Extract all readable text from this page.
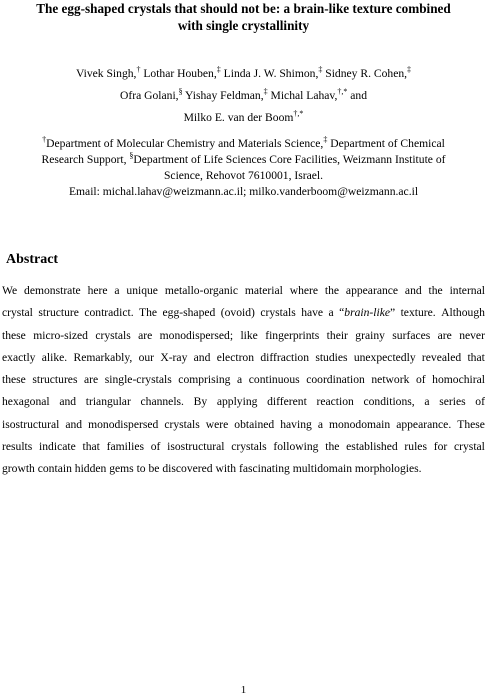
The egg-shaped crystals that should not be: a brain-like texture combined
with single crystallinity
Vivek Singh,† Lothar Houben,‡ Linda J. W. Shimon,‡ Sidney R. Cohen,‡
Ofra Golani,§ Yishay Feldman,‡ Michal Lahav,†,* and
Milko E. van der Boom†,*
†Department of Molecular Chemistry and Materials Science,‡ Department of Chemical
Research Support, §Department of Life Sciences Core Facilities, Weizmann Institute of
Science, Rehovot 7610001, Israel.
Email: michal.lahav@weizmann.ac.il; milko.vanderboom@weizmann.ac.il
Abstract
We demonstrate here a unique metallo-organic material where the appearance and the internal
crystal structure contradict. The egg-shaped (ovoid) crystals have a “brain-like” texture. Although
these micro-sized crystals are monodispersed; like fingerprints their grainy surfaces are never
exactly alike. Remarkably, our X-ray and electron diffraction studies unexpectedly revealed that
these structures are single-crystals comprising a continuous coordination network of homochiral
hexagonal and triangular channels. By applying different reaction conditions, a series of
isostructural and monodispersed crystals were obtained having a monodomain appearance. These
results indicate that families of isostructural crystals following the established rules for crystal
growth contain hidden gems to be discovered with fascinating multidomain morphologies.
1
